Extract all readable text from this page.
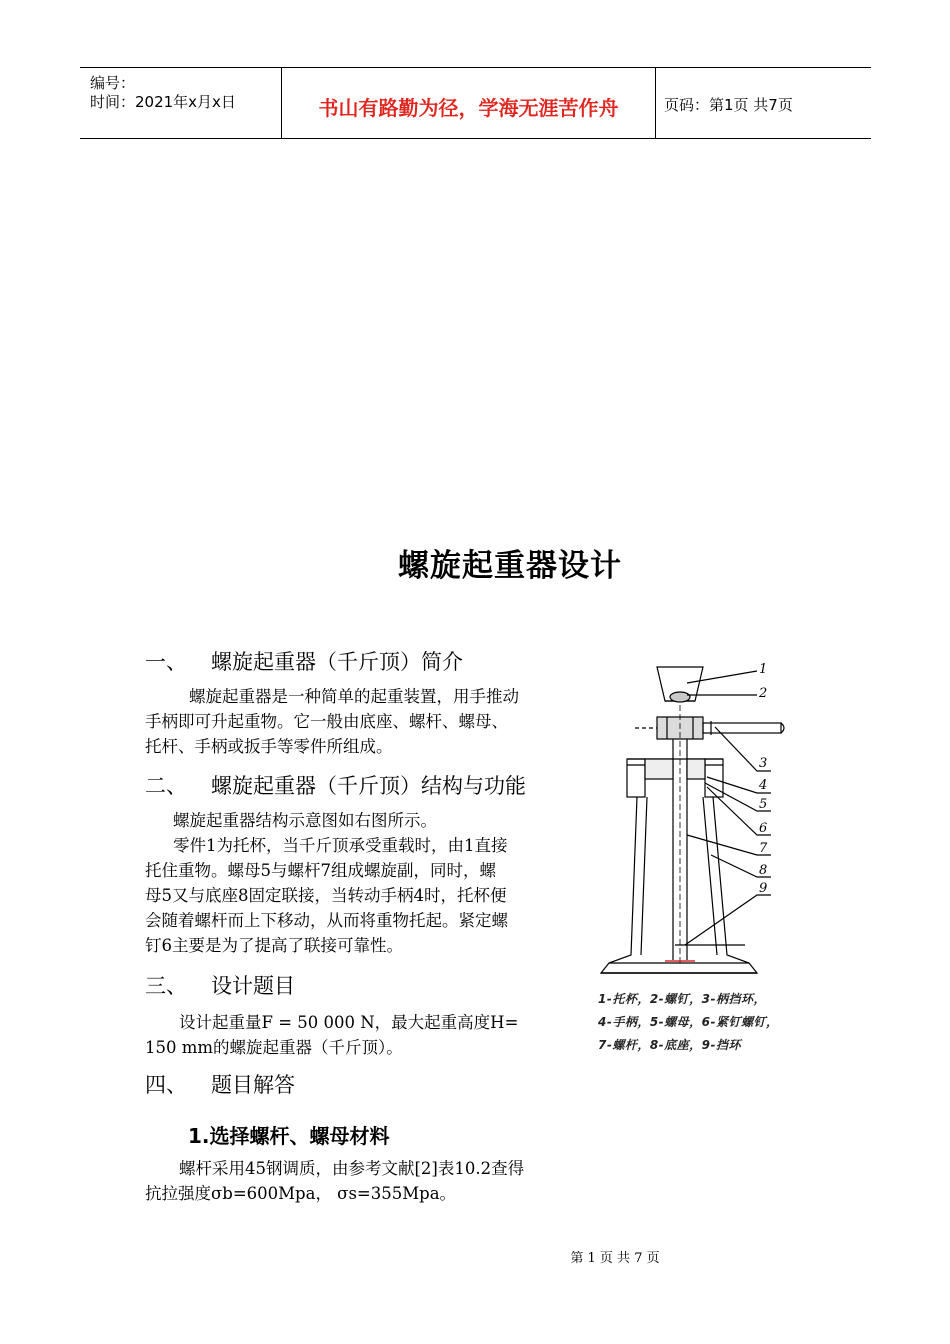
编号：
时间：2021年x月x日	书山有路勤为径，学海无涯苦作舟	页码：第1页 共7页
螺旋起重器设计
一、 螺旋起重器（千斤顶）简介
螺旋起重器是一种简单的起重装置，用手推动
手柄即可升起重物。它一般由底座、螺杆、螺母、
托杆、手柄或扳手等零件所组成。
二、 螺旋起重器（千斤顶）结构与功能
螺旋起重器结构示意图如右图所示。
零件1为托杯，当千斤顶承受重载时，由1直接
托住重物。螺母5与螺杆7组成螺旋副，同时，螺
母5又与底座8固定联接，当转动手柄4时，托杯便
会随着螺杆而上下移动，从而将重物托起。紧定螺
钉6主要是为了提高了联接可靠性。
三、 设计题目
设计起重量F = 50 000 N，最大起重高度H=
150 mm的螺旋起重器（千斤顶）。
四、 题目解答
1.选择螺杆、螺母材料
螺杆采用45钢调质，由参考文献[2]表10.2查得
抗拉强度σb=600Mpa， σs=355Mpa。
1
2
3
4
5
6
7
8
9
1-托杯，2-螺钉，3-柄挡环，
4-手柄，5-螺母，6-紧钉螺钉，
7-螺杆，8-底座，9-挡环
第 1 页 共 7 页
